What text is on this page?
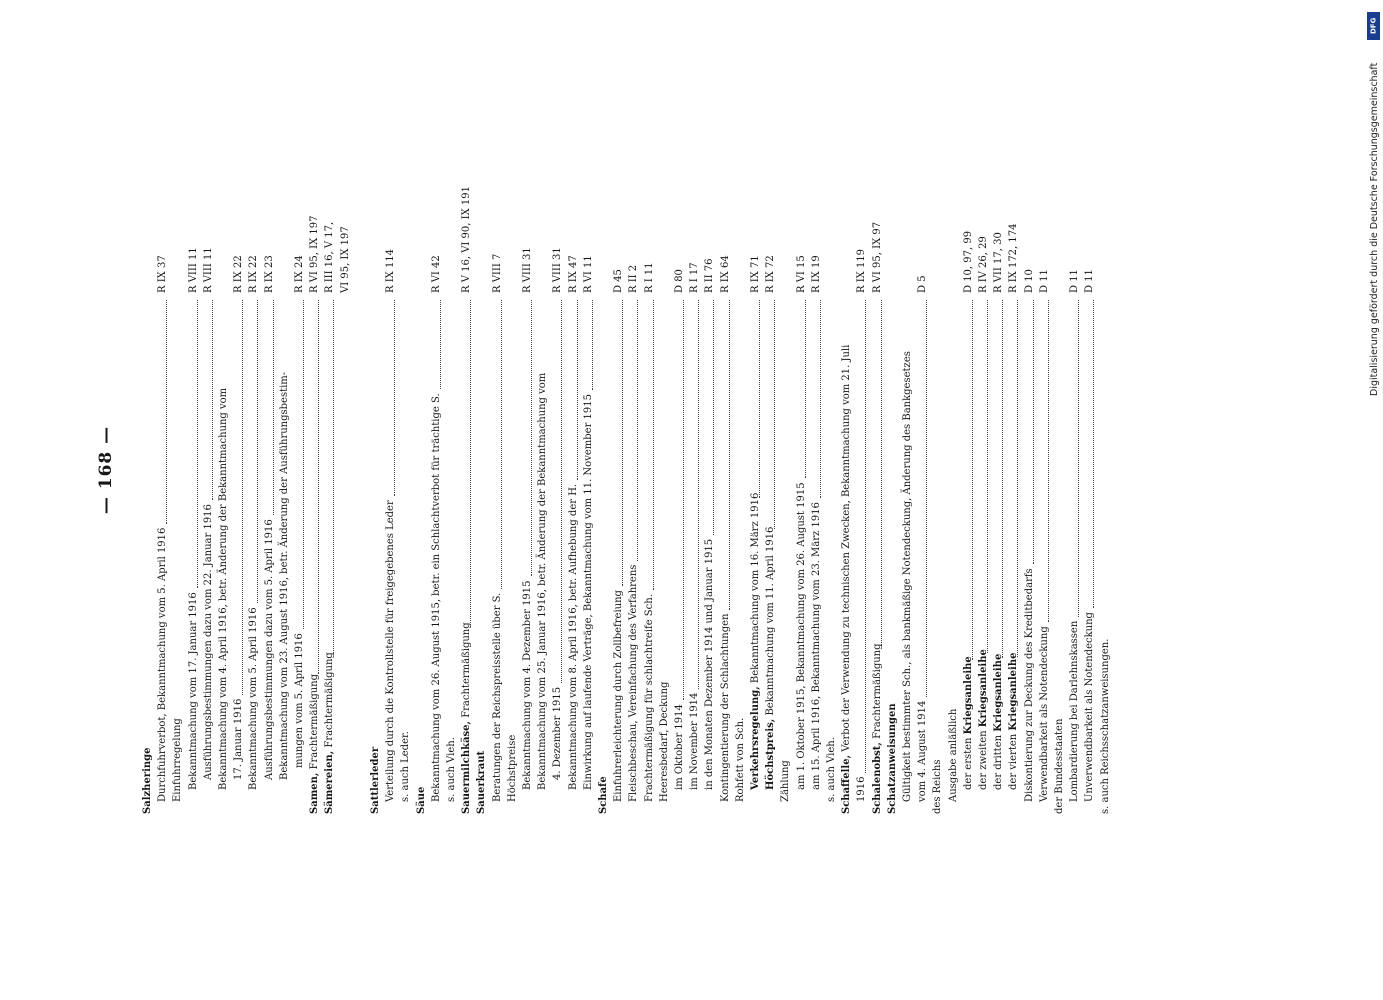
— 168 —
Salzheringe Durchfuhrverbot, Bekanntmachung vom 5. April 1916
R IX 37
Einfuhrregelung Bekanntmachung vom 17. Januar 1916
R VIII 11
Ausführungsbestimmungen dazu vom 22. Januar 1916
R VIII 11
Bekanntmachung vom 4. April 1916, betr. Änderung der Bekanntmachung vom 17. Januar 1916
R IX 22
Bekanntmachung vom 5. April 1916
R IX 22
Ausführungsbestimmungen dazu vom 5. April 1916
R IX 23
Bekanntmachung vom 23. August 1916, betr. Änderung der Ausführungsbestim- mungen vom 5. April 1916
R IX 24
Samen, Frachtermäßigung
R VI 95, IX 197
Sämereien, Frachtermäßigung
R III 16, V 17, VI 95, IX 197
Sattlerleder Verteilung durch die Kontrollstelle für freigegebenes Leder
R IX 114
s. auch Leder. Säue Bekanntmachung vom 26. August 1915, betr. ein Schlachtverbot für trächtige S.
R VI 42
s. auch Vieh. Sauermilchkäse, Frachtermäßigung
R V 16, VI 90, IX 191
Sauerkraut Beratungen der Reichspreisstelle über S.
R VIII 7
Höchstpreise Bekanntmachung vom 4. Dezember 1915
R VIII 31
Bekanntmachung vom 25. Januar 1916, betr. Änderung der Bekanntmachung vom 4. Dezember 1915
R VIII 31
Bekanntmachung vom 8. April 1916, betr. Aufhebung der H.
R IX 47
Einwirkung auf laufende Verträge, Bekanntmachung vom 11. November 1915
R VI 11
Schafe Einfuhrerleichterung durch Zollbefreiung
D 45
Fleischbeschau, Vereinfachung des Verfahrens
R II 2
Frachtermäßigung für schlachtreife Sch.
R I 11
Heeresbedarf, Deckung im Oktober 1914
D 80
im November 1914
R I 17
in den Monaten Dezember 1914 und Januar 1915
R II 76
Kontingentierung der Schlachtungen
R IX 64
Rohfett von Sch. Verkehrsregelung, Bekanntmachung vom 16. März 1916
R IX 71
Höchstpreis, Bekanntmachung vom 11. April 1916
R IX 72
Zählung am 1. Oktober 1915, Bekanntmachung vom 26. August 1915
R VI 15
am 15. April 1916, Bekanntmachung vom 23. März 1916
R IX 19
s. auch Vieh. Schaffelle, Verbot der Verwendung zu technischen Zwecken, Bekanntmachung vom 21. Juli
1916
R IX 119
Schalenobst, Frachtermäßigung
R VI 95, IX 97
Schatzanweisungen Gültigkeit bestimmter Sch., als bankmäßige Notendeckung, Änderung des Bankgesetzes vom 4. August 1914
D 5
des Reichs Ausgabe anläßlich der ersten Kriegsanleihe
D 10, 97, 99
der zweiten Kriegsanleihe
R IV 26, 29
der dritten Kriegsanleihe
R VII 17, 30
der vierten Kriegsanleihe
R IX 172, 174
Diskontierung zur Deckung des Kreditbedarfs
D 10
Verwendbarkeit als Notendeckung
D 11
der Bundesstaaten Lombardierung bei Darlehnskassen
D 11
Unverwendbarkeit als Notendeckung
D 11
s. auch Reichsschatzanweisungen.
DFG
Digitalisierung gefördert durch die Deutsche Forschungsgemeinschaft
